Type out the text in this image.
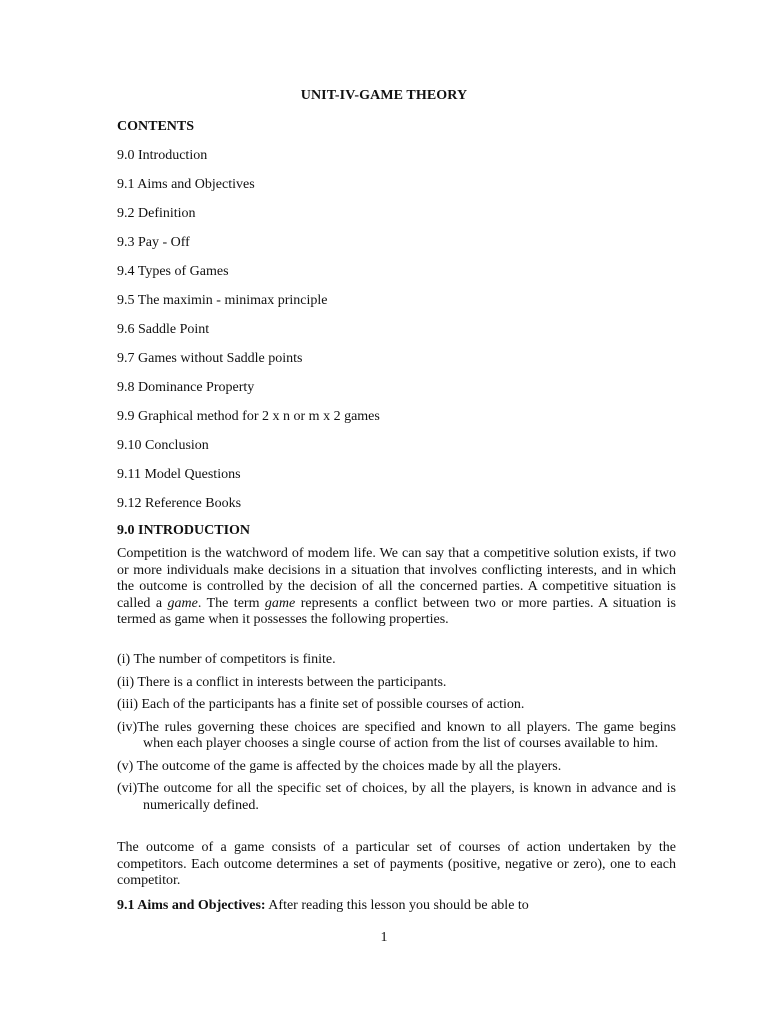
UNIT-IV-GAME THEORY
CONTENTS
9.0 Introduction
9.1 Aims and Objectives
9.2 Definition
9.3 Pay - Off
9.4 Types of Games
9.5 The maximin - minimax principle
9.6 Saddle Point
9.7 Games without Saddle points
9.8 Dominance Property
9.9 Graphical method for 2 x n or m x 2 games
9.10 Conclusion
9.11 Model Questions
9.12 Reference Books
9.0 INTRODUCTION
Competition is the watchword of modem life. We can say that a competitive solution exists, if two or more individuals make decisions in a situation that involves conflicting interests, and in which the outcome is controlled by the decision of all the concerned parties. A competitive situation is called a game. The term game represents a conflict between two or more parties. A situation is termed as game when it possesses the following properties.
(i) The number of competitors is finite.
(ii) There is a conflict in interests between the participants.
(iii) Each of the participants has a finite set of possible courses of action.
(iv)The rules governing these choices are specified and known to all players. The game begins when each player chooses a single course of action from the list of courses available to him.
(v) The outcome of the game is affected by the choices made by all the players.
(vi)The outcome for all the specific set of choices, by all the players, is known in advance and is numerically defined.
The outcome of a game consists of a particular set of courses of action undertaken by the competitors. Each outcome determines a set of payments (positive, negative or zero), one to each competitor.
9.1 Aims and Objectives: After reading this lesson you should be able to
1
